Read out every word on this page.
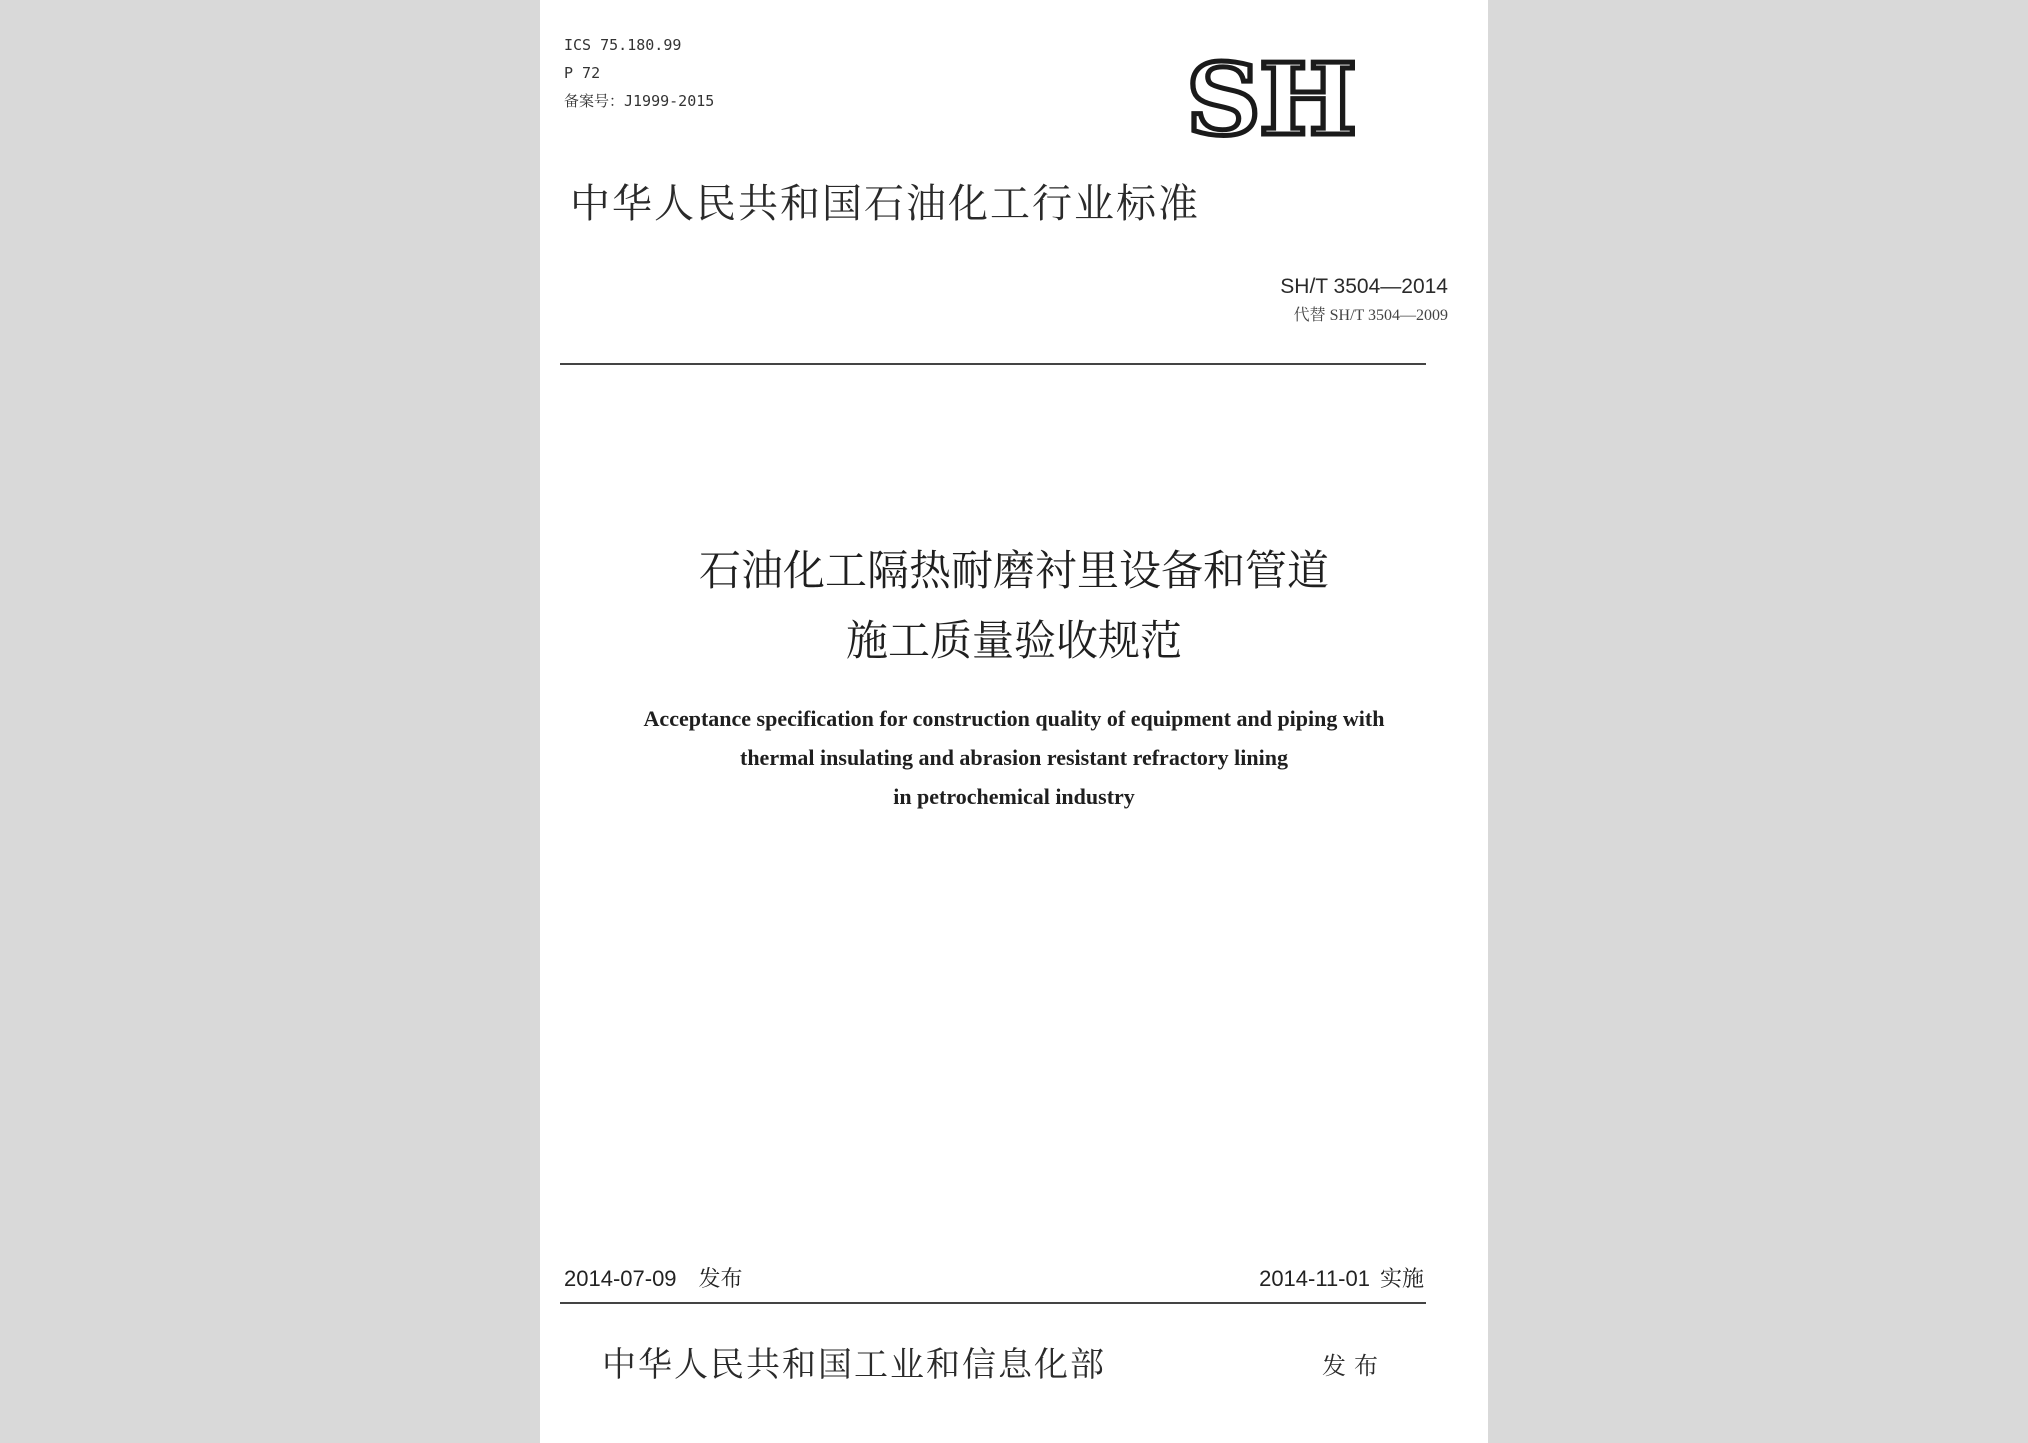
ICS 75.180.99
P 72
备案号：J1999-2015	SH
中华人民共和国石油化工行业标准
SH/T 3504—2014
代替 SH/T 3504—2009
石油化工隔热耐磨衬里设备和管道
施工质量验收规范
Acceptance specification for construction quality of equipment and piping with
thermal insulating and abrasion resistant refractory lining
in petrochemical industry
2014-07-09 发布	2014-11-01 实施
中华人民共和国工业和信息化部	发布
